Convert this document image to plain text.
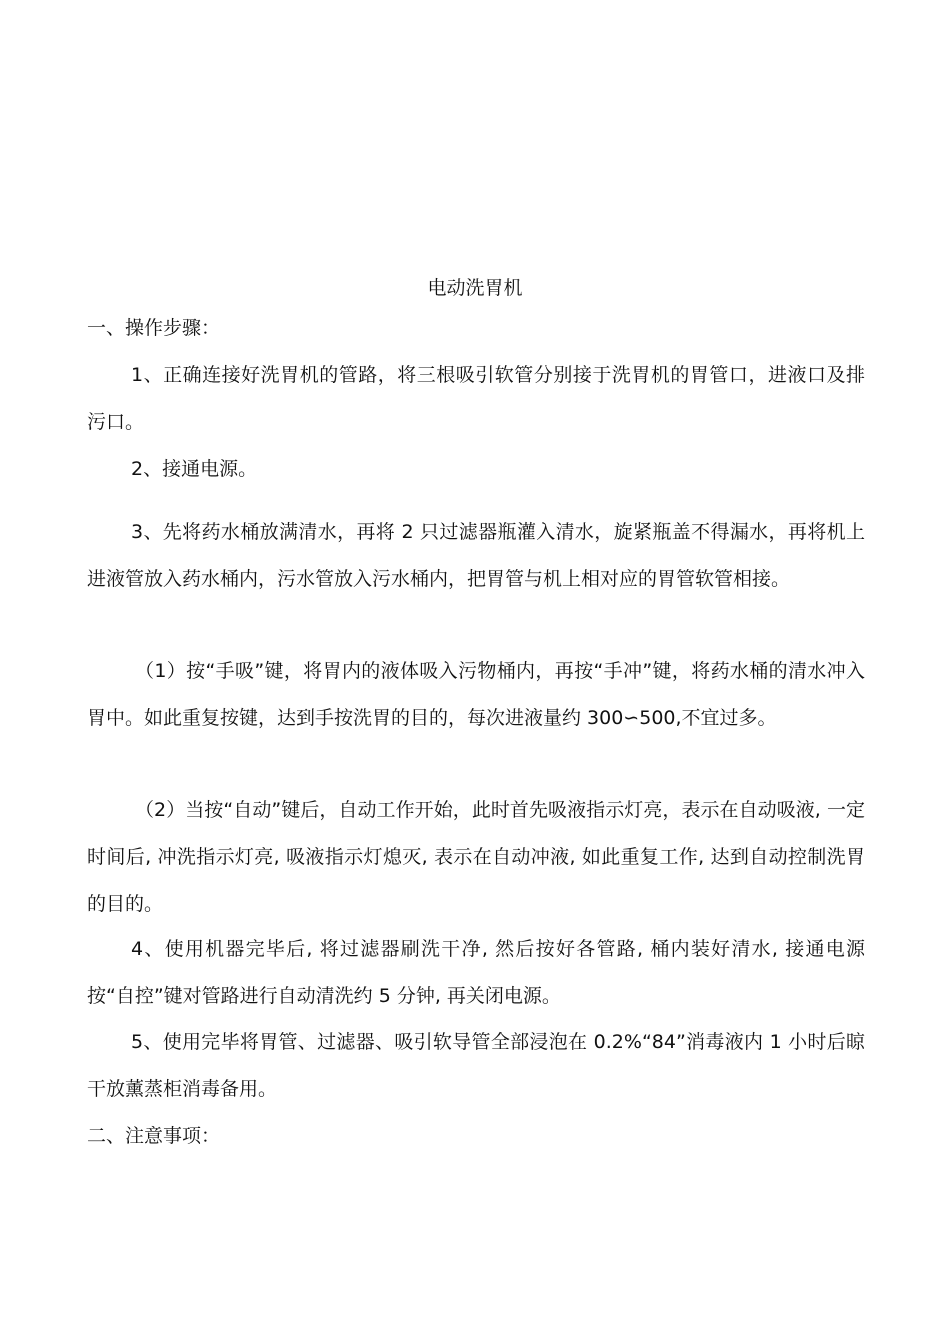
电动洗胃机
一、操作步骤：

1、正确连接好洗胃机的管路，将三根吸引软管分别接于洗胃机的胃管口，进液口及排污口。

2、接通电源。

3、先将药水桶放满清水，再将 2 只过滤器瓶灌入清水，旋紧瓶盖不得漏水，再将机上进液管放入药水桶内，污水管放入污水桶内，把胃管与机上相对应的胃管软管相接。

（1）按“手吸”键，将胃内的液体吸入污物桶内，再按“手冲”键，将药水桶的清水冲入胃中。如此重复按键，达到手按洗胃的目的，每次进液量约 300∽500,不宜过多。

（2）当按“自动”键后，自动工作开始，此时首先吸液指示灯亮，表示在自动吸液, 一定时间后, 冲洗指示灯亮, 吸液指示灯熄灭, 表示在自动冲液, 如此重复工作, 达到自动控制洗胃的目的。

4、使用机器完毕后, 将过滤器刷洗干净, 然后按好各管路, 桶内装好清水, 接通电源按“自控”键对管路进行自动清洗约 5 分钟, 再关闭电源。

5、使用完毕将胃管、过滤器、吸引软导管全部浸泡在 0.2%“84”消毒液内 1 小时后晾干放薰蒸柜消毒备用。

二、注意事项：
